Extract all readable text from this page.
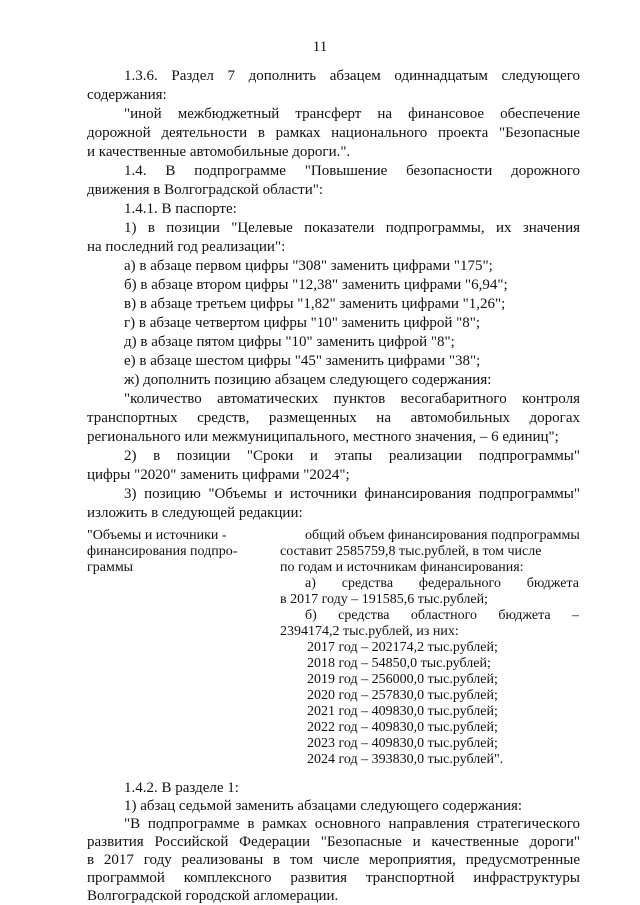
11
1.3.6. Раздел 7 дополнить абзацем одиннадцатым следующего
содержания:
"иной межбюджетный трансферт на финансовое обеспечение
дорожной деятельности в рамках национального проекта "Безопасные
и качественные автомобильные дороги.".
1.4. В подпрограмме "Повышение безопасности дорожного
движения в Волгоградской области":
1.4.1. В паспорте:
1) в позиции "Целевые показатели подпрограммы, их значения
на последний год реализации":
а) в абзаце первом цифры "308" заменить цифрами "175";
б) в абзаце втором цифры "12,38" заменить цифрами "6,94";
в) в абзаце третьем цифры "1,82" заменить цифрами "1,26";
г) в абзаце четвертом цифры "10" заменить цифрой "8";
д) в абзаце пятом цифры "10" заменить цифрой "8";
е) в абзаце шестом цифры "45" заменить цифрами "38";
ж) дополнить позицию абзацем следующего содержания:
"количество автоматических пунктов весогабаритного контроля
транспортных средств, размещенных на автомобильных дорогах
регионального или межмуниципального, местного значения, – 6 единиц";
2) в позиции "Сроки и этапы реализации подпрограммы"
цифры "2020" заменить цифрами "2024";
3) позицию "Объемы и источники финансирования подпрограммы"
изложить в следующей редакции:
"Объемы и источники -
финансирования подпро-
граммы
общий объем финансирования подпрограммы
составит 2585759,8 тыс.рублей, в том числе
по годам и источникам финансирования:
а) средства федерального бюджета
в 2017 году – 191585,6 тыс.рублей;
б) средства областного бюджета –
2394174,2 тыс.рублей, из них:
2017 год – 202174,2 тыс.рублей;
2018 год – 54850,0 тыс.рублей;
2019 год – 256000,0 тыс.рублей;
2020 год – 257830,0 тыс.рублей;
2021 год – 409830,0 тыс.рублей;
2022 год – 409830,0 тыс.рублей;
2023 год – 409830,0 тыс.рублей;
2024 год – 393830,0 тыс.рублей".
1.4.2. В разделе 1:
1) абзац седьмой заменить абзацами следующего содержания:
"В подпрограмме в рамках основного направления стратегического
развития Российской Федерации "Безопасные и качественные дороги"
в 2017 году реализованы в том числе мероприятия, предусмотренные
программой комплексного развития транспортной инфраструктуры
Волгоградской городской агломерации.
